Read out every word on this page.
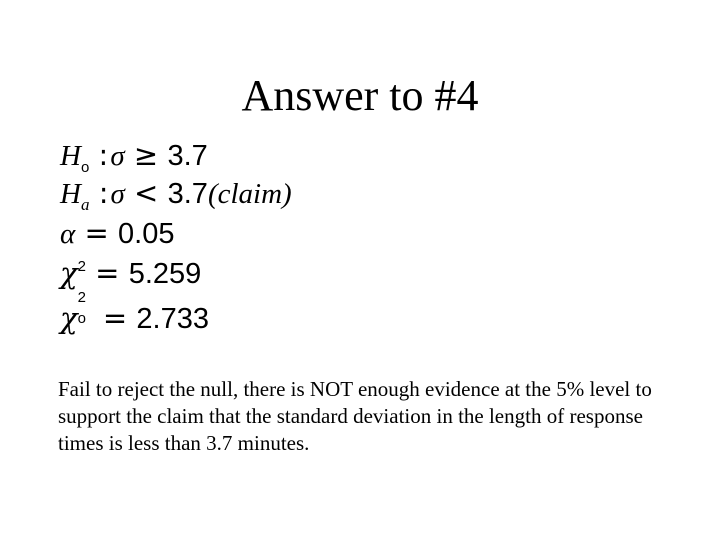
Answer to #4
$H_o$ :σ ≥ 3.7
$H_a$ :σ < 3.7(claim)
α = 0.05
$\chi^2 = 5.259$
χ
2
o = 2.733

Fail to reject the null, there is NOT enough evidence at the 5% level to support the claim that the standard deviation in the length of response times is less than 3.7 minutes.
